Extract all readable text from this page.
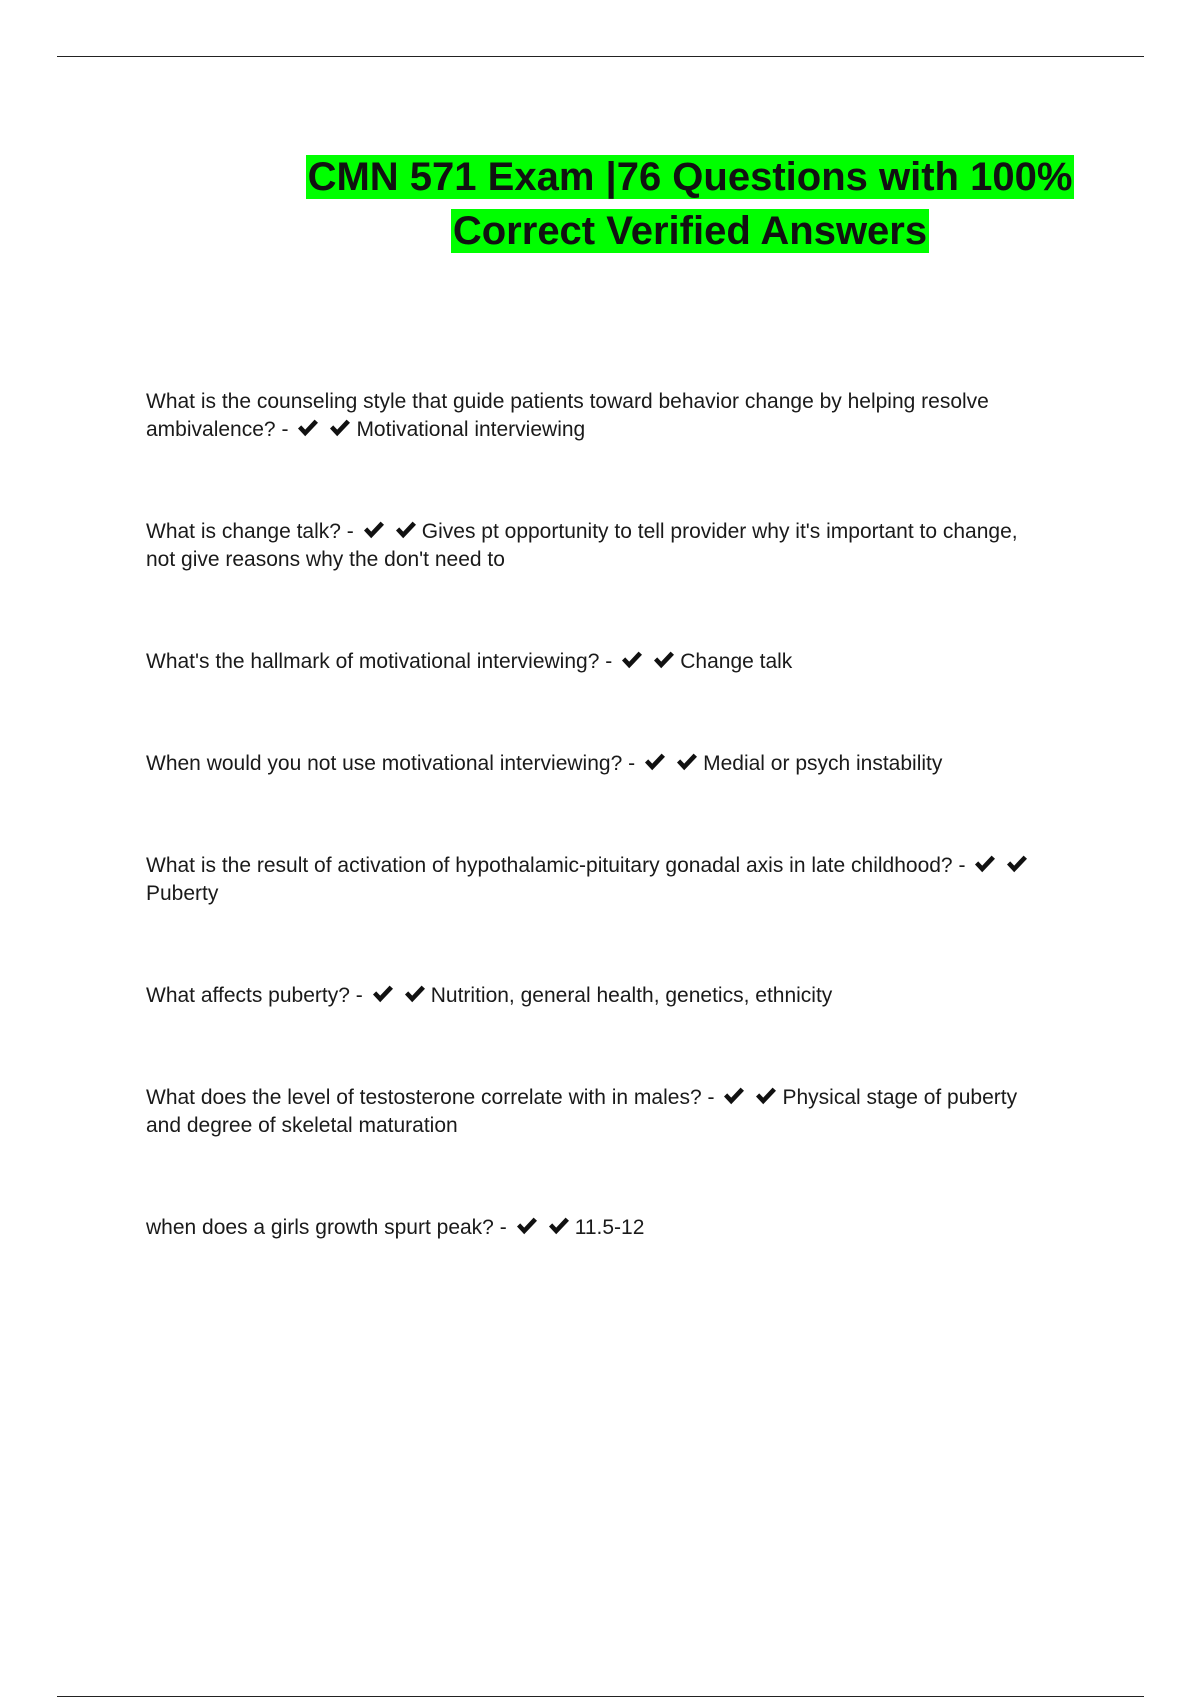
CMN 571 Exam |76 Questions with 100% Correct Verified Answers
What is the counseling style that guide patients toward behavior change by helping resolve ambivalence? -	Motivational interviewing
What is change talk? -	Gives pt opportunity to tell provider why it's important to change, not give reasons why the don't need to
What's the hallmark of motivational interviewing? -	Change talk
When would you not use motivational interviewing? -	Medial or psych instability
What is the result of activation of hypothalamic-pituitary gonadal axis in late childhood? -
Puberty
What affects puberty? -	Nutrition, general health, genetics, ethnicity
What does the level of testosterone correlate with in males? -	Physical stage of puberty and degree of skeletal maturation
when does a girls growth spurt peak? -	11.5-12
